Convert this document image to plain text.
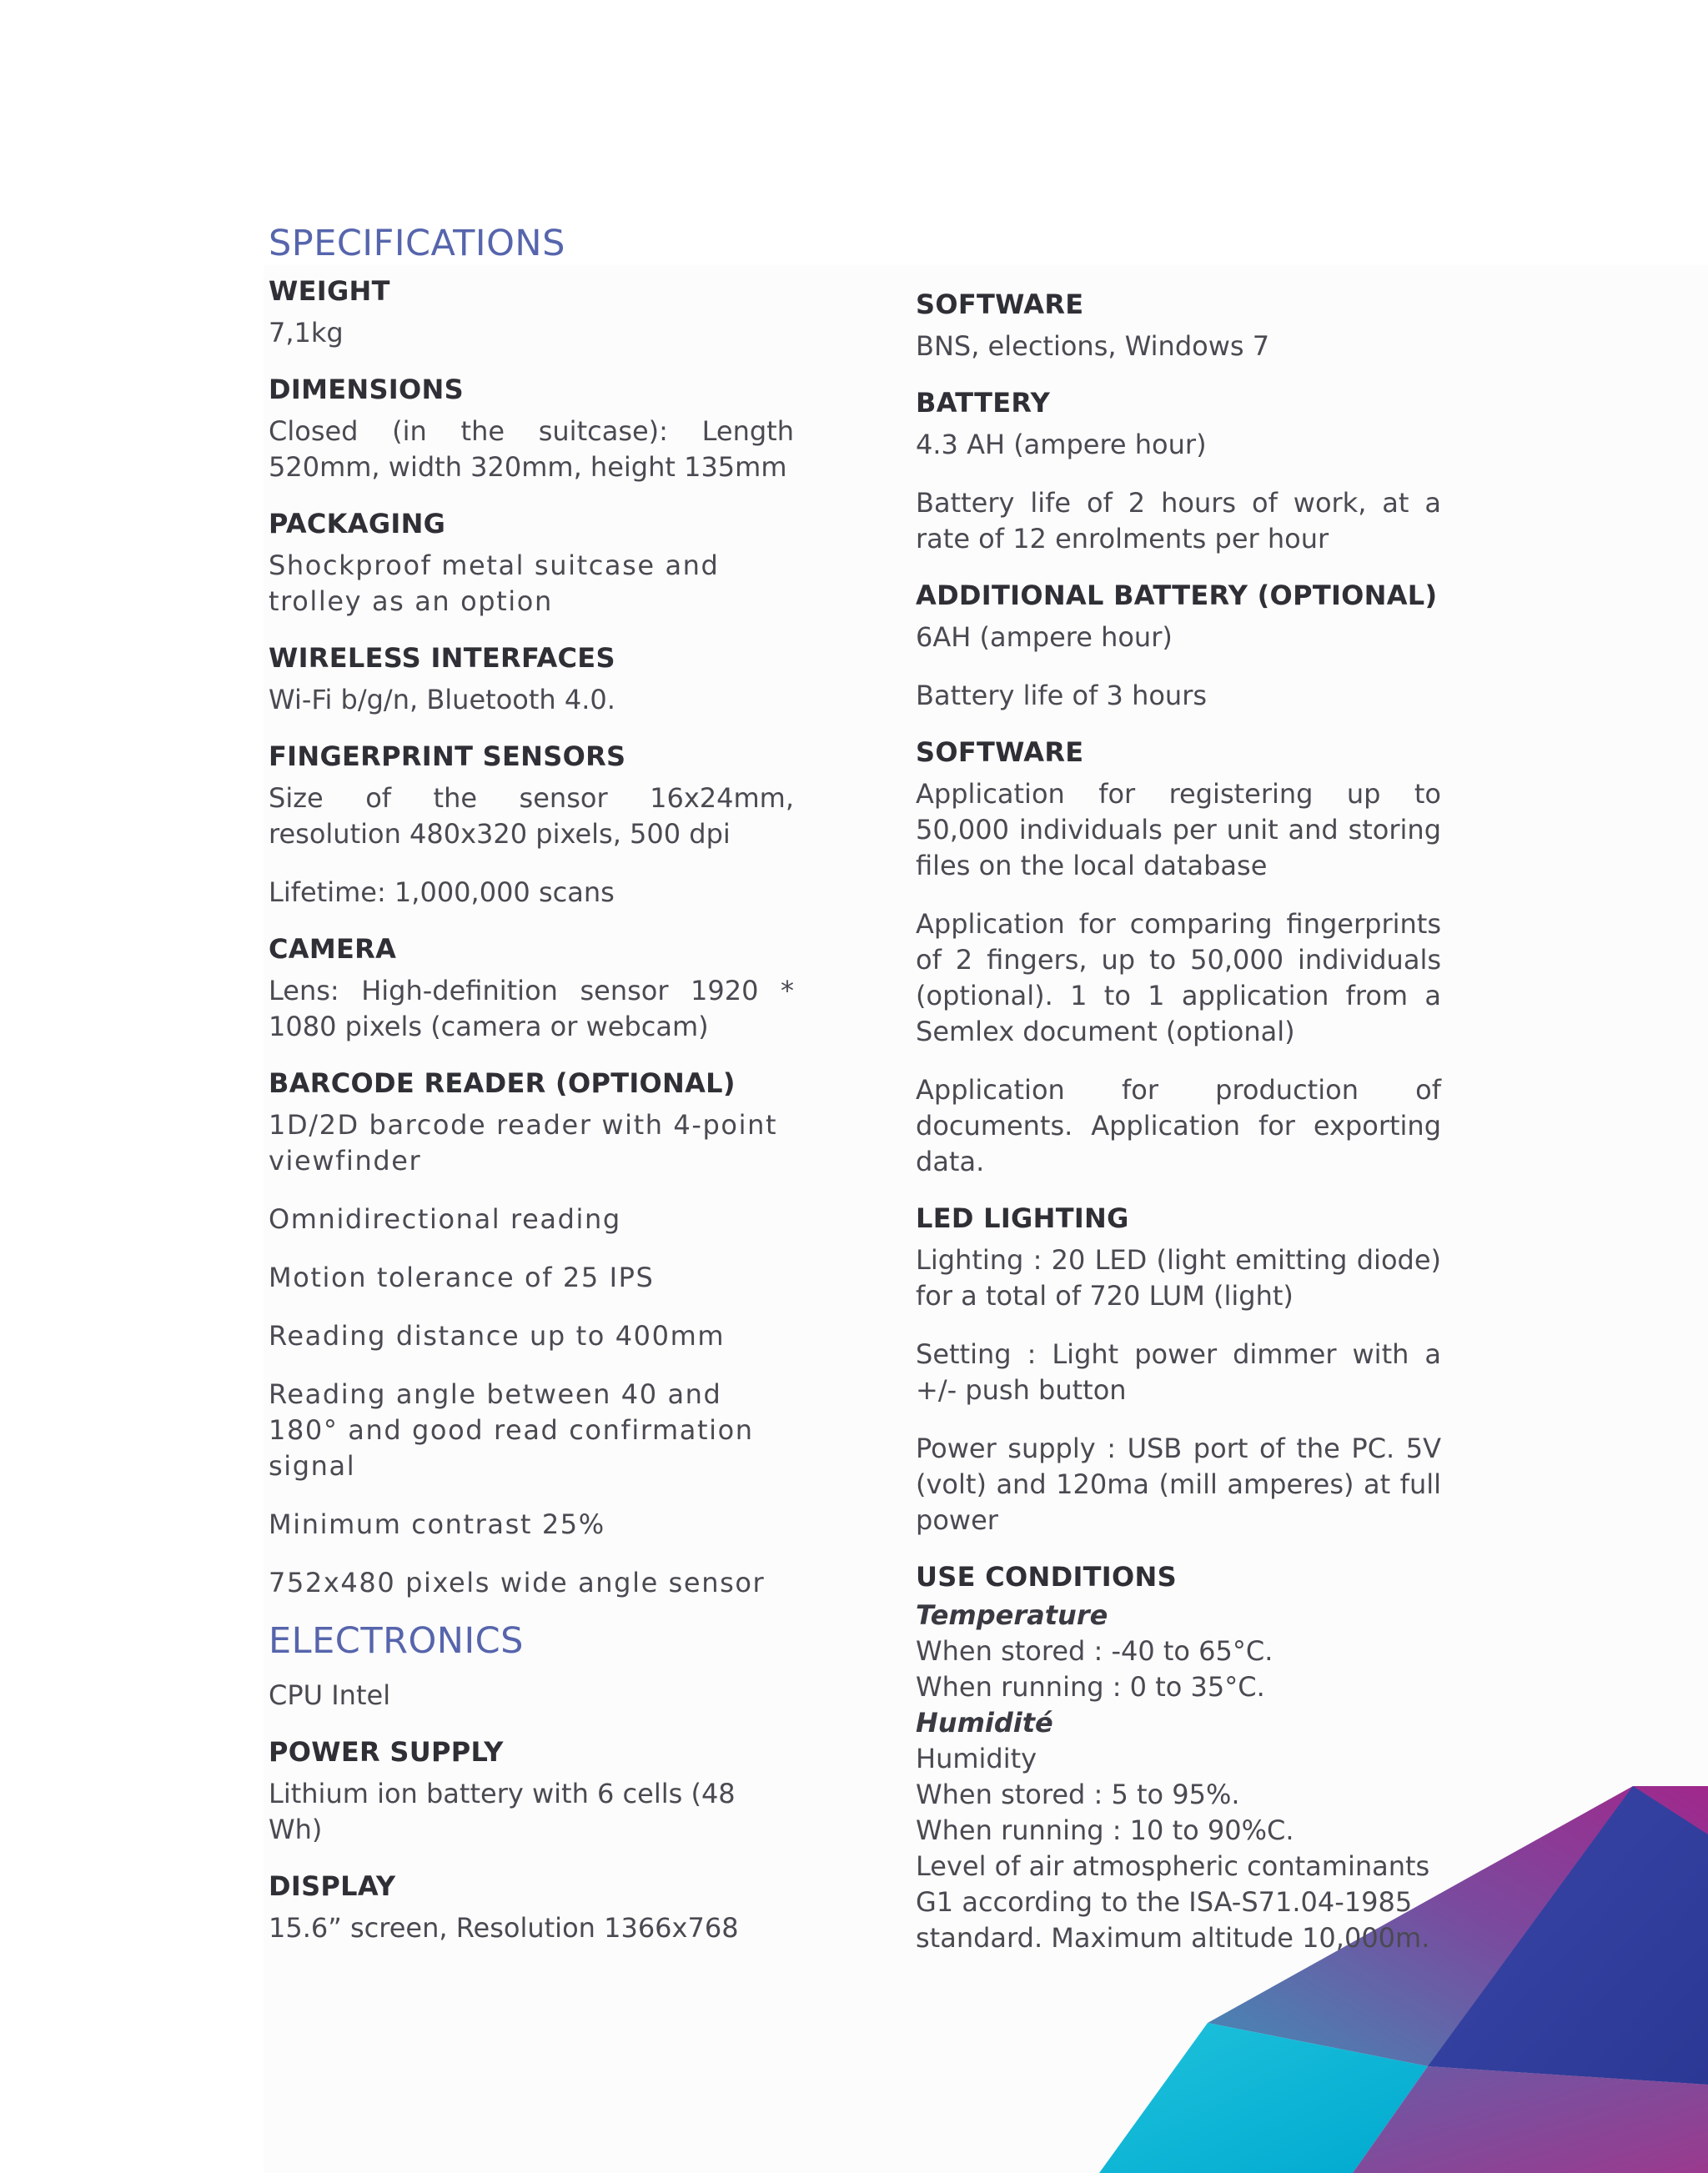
SPECIFICATIONS
WEIGHT
7,1kg
DIMENSIONS
Closed (in the suitcase): Length 520mm, width 320mm, height 135mm
PACKAGING
Shockproof metal suitcase and trolley as an option
WIRELESS INTERFACES
Wi-Fi b/g/n, Bluetooth 4.0.
FINGERPRINT SENSORS
Size of the sensor 16x24mm, resolution 480x320 pixels, 500 dpi
Lifetime: 1,000,000 scans
CAMERA
Lens: High-definition sensor 1920 * 1080 pixels (camera or webcam)
BARCODE READER (OPTIONAL)
1D/2D barcode reader with 4-point viewfinder
Omnidirectional reading
Motion tolerance of 25 IPS
Reading distance up to 400mm
Reading angle between 40 and 180° and good read confirmation signal
Minimum contrast 25%
752x480 pixels wide angle sensor
ELECTRONICS
CPU Intel
POWER SUPPLY
Lithium ion battery with 6 cells (48 Wh)
DISPLAY
15.6” screen, Resolution 1366x768
SOFTWARE
BNS, elections, Windows 7
BATTERY
4.3 AH (ampere hour)
Battery life of 2 hours of work, at a rate of 12 enrolments per hour
ADDITIONAL BATTERY (OPTIONAL)
6AH (ampere hour)
Battery life of 3 hours
SOFTWARE
Application for registering up to 50,000 individuals per unit and storing files on the local database
Application for comparing fingerprints of 2 fingers, up to 50,000 individuals (optional). 1 to 1 application from a Semlex document (optional)
Application for production of documents. Application for exporting data.
LED LIGHTING
Lighting : 20 LED (light emitting diode) for a total of 720 LUM (light)
Setting : Light power dimmer with a +/- push button
Power supply : USB port of the PC. 5V (volt) and 120ma (mill amperes) at full power
USE CONDITIONS
Temperature
When stored : -40 to 65°C.
When running : 0 to 35°C.
Humidité
Humidity
When stored : 5 to 95%.
When running : 10 to 90%C.
Level of air atmospheric contaminants
G1 according to the ISA-S71.04-1985
standard. Maximum altitude 10,000m.
